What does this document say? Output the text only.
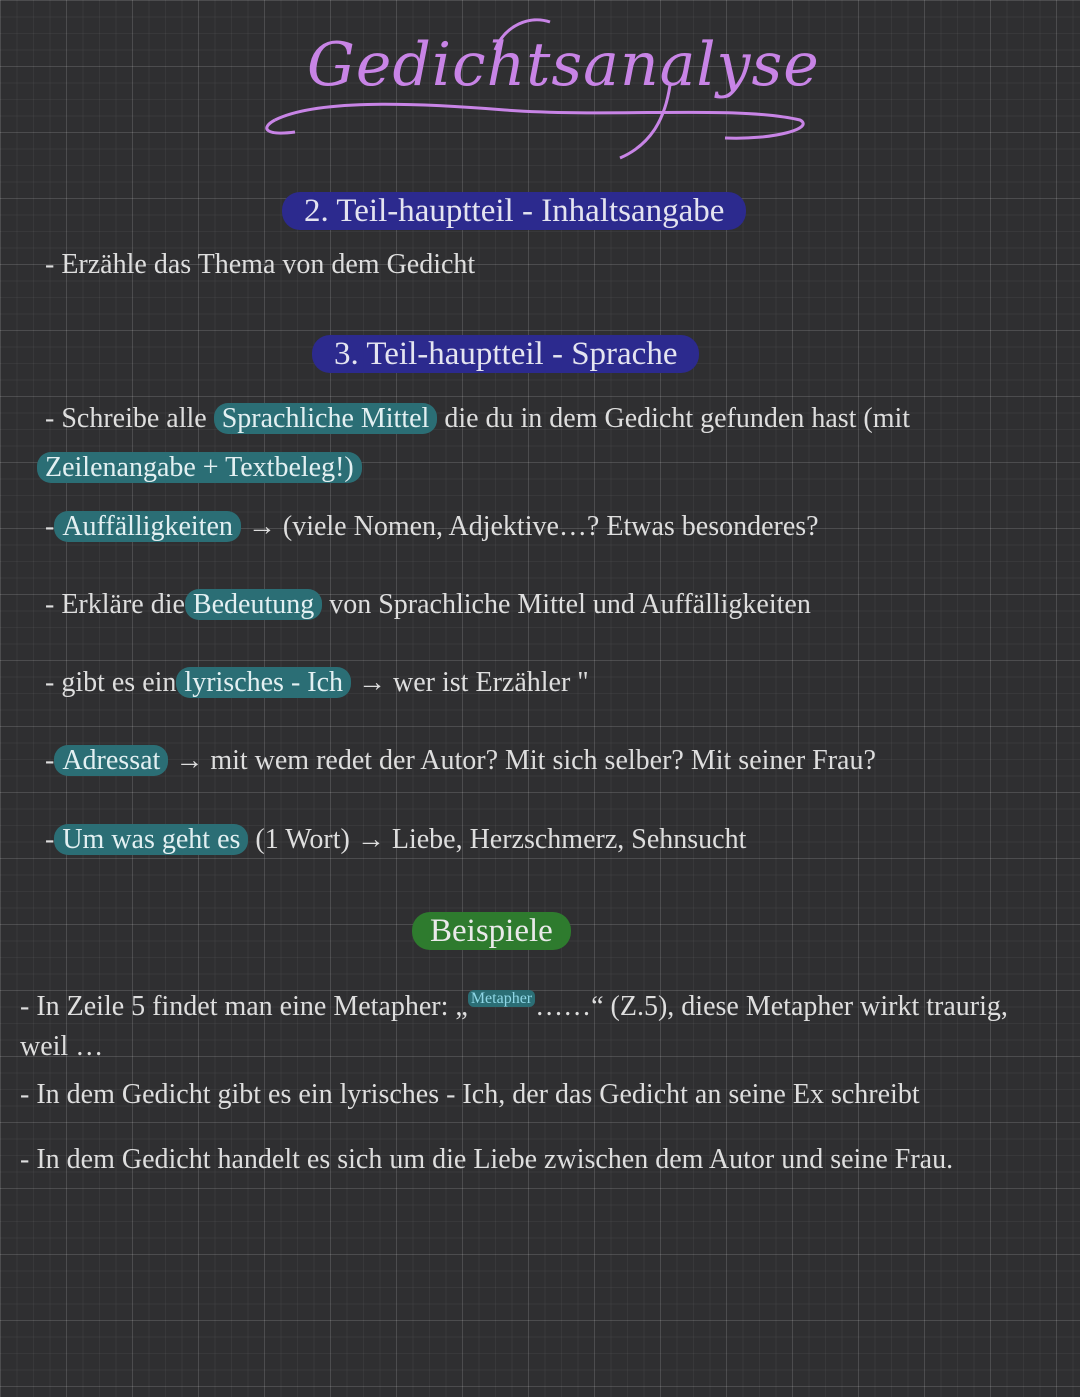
Gedichtsanalyse
2. Teil-hauptteil - Inhaltsangabe
- Erzähle das Thema von dem Gedicht
3. Teil-hauptteil - Sprache
- Schreibe alle Sprachliche Mittel die du in dem Gedicht gefunden hast (mit
Zeilenangabe + Textbeleg!)
- Auffälligkeiten → (viele Nomen, Adjektive…? Etwas besonderes?
- Erkläre die Bedeutung von Sprachliche Mittel und Auffälligkeiten
- gibt es ein lyrisches - Ich → wer ist Erzähler "
- Adressat → mit wem redet der Autor? Mit sich selber? Mit seiner Frau?
- Um was geht es (1 Wort) → Liebe, Herzschmerz, Sehnsucht
Beispiele
- In Zeile 5 findet man eine Metapher: „ $^{Metapher}$ ……“ (Z.5), diese Metapher wirkt traurig,
weil …
- In dem Gedicht gibt es ein lyrisches - Ich, der das Gedicht an seine Ex schreibt
- In dem Gedicht handelt es sich um die Liebe zwischen dem Autor und seine Frau.
